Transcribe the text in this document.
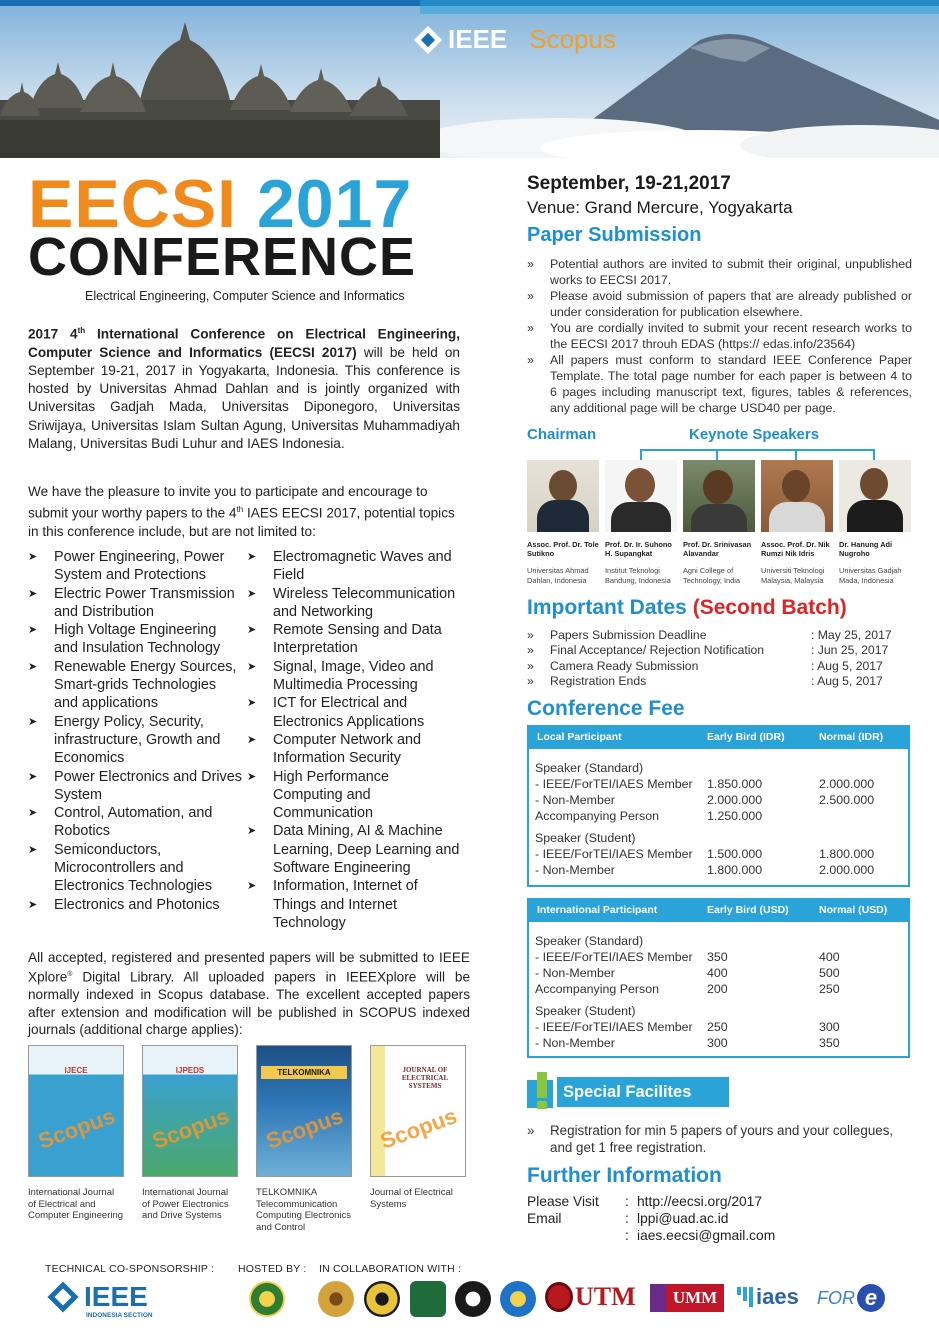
IEEE Scopus
EECSI 2017
CONFERENCE
Electrical Engineering, Computer Science and Informatics
2017 4th International Conference on Electrical Engineering, Computer Science and Informatics (EECSI 2017) will be held on September 19-21, 2017 in Yogyakarta, Indonesia. This conference is hosted by Universitas Ahmad Dahlan and is jointly organized with Universitas Gadjah Mada, Universitas Diponegoro, Universitas Sriwijaya, Universitas Islam Sultan Agung, Universitas Muhammadiyah Malang, Universitas Budi Luhur and IAES Indonesia.
We have the pleasure to invite you to participate and encourage to submit your worthy papers to the 4th IAES EECSI 2017, potential topics in this conference include, but are not limited to:
➤ Power Engineering, Power System and Protections
➤ Electric Power Transmission and Distribution
➤ High Voltage Engineering and Insulation Technology
➤ Renewable Energy Sources, Smart-grids Technologies and applications
➤ Energy Policy, Security, infrastructure, Growth and Economics
➤ Power Electronics and Drives System
➤ Control, Automation, and Robotics
➤ Semiconductors, Microcontrollers and Electronics Technologies
➤ Electronics and Photonics
➤ Electromagnetic Waves and Field
➤ Wireless Telecommunication and Networking
➤ Remote Sensing and Data Interpretation
➤ Signal, Image, Video and Multimedia Processing
➤ ICT for Electrical and Electronics Applications
➤ Computer Network and Information Security
➤ High Performance Computing and Communication
➤ Data Mining, AI & Machine Learning, Deep Learning and Software Engineering
➤ Information, Internet of Things and Internet Technology
All accepted, registered and presented papers will be submitted to IEEE Xplore® Digital Library. All uploaded papers in IEEEXplore will be normally indexed in Scopus database. The excellent accepted papers after extension and modification will be published in SCOPUS indexed journals (additional charge applies):
IJECE
Scopus
International Journal of Electrical and Computer Engineering
IJPEDS
Scopus
International Journal of Power Electronics and Drive Systems
TELKOMNIKA
Scopus
TELKOMNIKA Telecommunication Computing Electronics and Control
JOURNAL OF ELECTRICAL SYSTEMS
Scopus
Journal of Electrical Systems
September, 19-21,2017
Venue: Grand Mercure, Yogyakarta
Paper Submission
» Potential authors are invited to submit their original, unpublished works to EECSI 2017.
» Please avoid submission of papers that are already published or under consideration for publication elsewhere.
» You are cordially invited to submit your recent research works to the EECSI 2017 throuh EDAS (https:// edas.info/23564)
» All papers must conform to standard IEEE Conference Paper Template. The total page number for each paper is between 4 to 6 pages including manuscript text, figures, tables & references, any additional page will be charge USD40 per page.
Chairman	Keynote Speakers
Assoc. Prof. Dr. Tole Sutikno
Universitas Ahmad Dahlan, Indonesia
Prof. Dr. Ir. Suhono H. Supangkat
Institut Teknologi Bandung, Indonesia
Prof. Dr. Srinivasan Alavandar
Agni College of Technology, India
Assoc. Prof. Dr. Nik Rumzi Nik Idris
Universiti Teknologi Malaysia, Malaysia
Dr. Hanung Adi Nugroho
Universitas Gadjah Mada, Indonesia
Important Dates (Second Batch)
»	Papers Submission Deadline	: May 25, 2017
»	Final Acceptance/ Rejection Notification	: Jun 25, 2017
»	Camera Ready Submission	: Aug 5, 2017
»	Registration Ends	: Aug 5, 2017
Conference Fee
Local Participant	Early Bird (IDR)	Normal (IDR)
Speaker (Standard)
- IEEE/ForTEI/IAES Member 1.850.000	2.000.000
- Non-Member	2.000.000	2.500.000
Accompanying Person	1.250.000
Speaker (Student)
- IEEE/ForTEI/IAES Member 1.500.000	1.800.000
- Non-Member	1.800.000	2.000.000
International Participant	Early Bird (USD)	Normal (USD)
Speaker (Standard)
- IEEE/ForTEI/IAES Member 350	400
- Non-Member	400	500
Accompanying Person	200	250
Speaker (Student)
- IEEE/ForTEI/IAES Member 250	300
- Non-Member	300	350
Special Facilites
» Registration for min 5 papers of yours and your collegues, and get 1 free registration.
Further Information
Please Visit	: http://eecsi.org/2017
Email	: lppi@uad.ac.id
: iaes.eecsi@gmail.com
TECHNICAL CO-SPONSORSHIP : HOSTED BY : IN COLLABORATION WITH :
IEEE
INDONESIA SECTION
UTM	UMM	iaes FOR e
